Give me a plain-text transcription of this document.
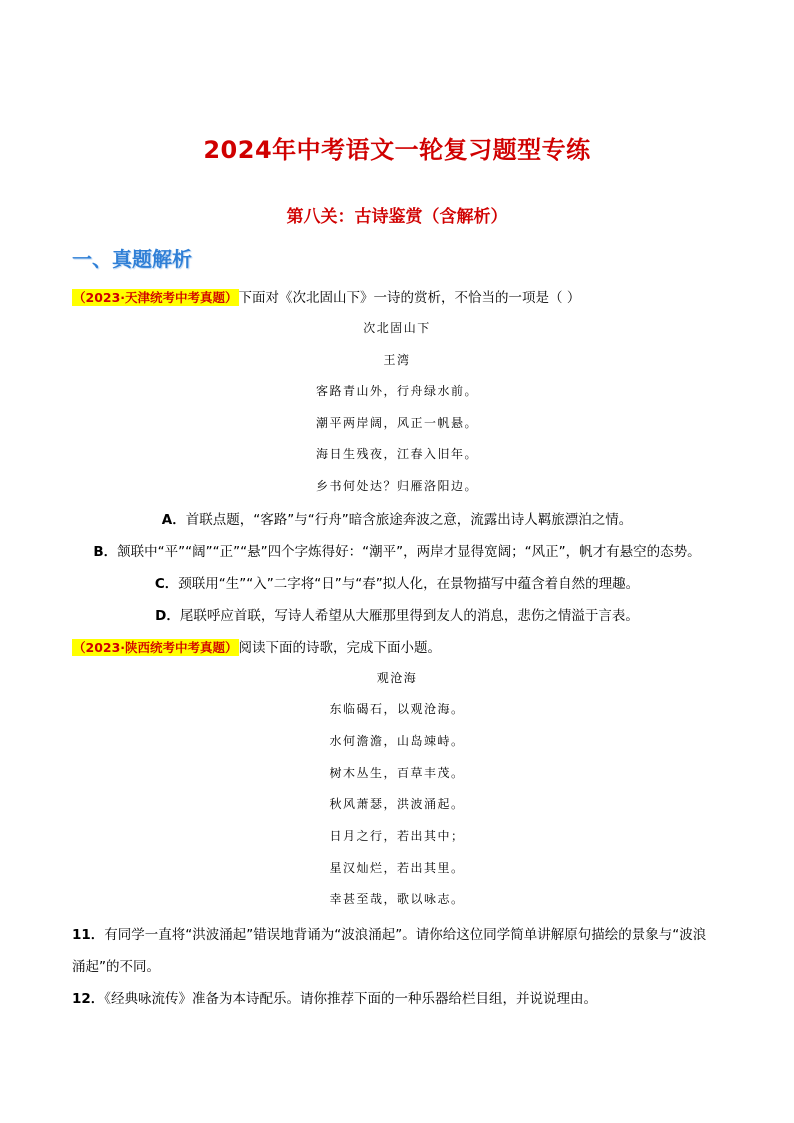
2024年中考语文一轮复习题型专练
第八关：古诗鉴赏（含解析）
一、真题解析
（2023·天津统考中考真题）下面对《次北固山下》一诗的赏析，不恰当的一项是（ ）
次北固山下
王湾
客路青山外，行舟绿水前。
潮平两岸阔，风正一帆悬。
海日生残夜，江春入旧年。
乡书何处达？归雁洛阳边。
A．首联点题，“客路”与“行舟”暗含旅途奔波之意，流露出诗人羁旅漂泊之情。
B．颔联中“平”“阔”“正”“悬”四个字炼得好：“潮平”，两岸才显得宽阔；“风正”，帆才有悬空的态势。
C．颈联用“生”“入”二字将“日”与“春”拟人化，在景物描写中蕴含着自然的理趣。
D．尾联呼应首联，写诗人希望从大雁那里得到友人的消息，悲伤之情溢于言表。
（2023·陕西统考中考真题）阅读下面的诗歌，完成下面小题。
观沧海
东临碣石，以观沧海。
水何澹澹，山岛竦峙。
树木丛生，百草丰茂。
秋风萧瑟，洪波涌起。
日月之行，若出其中；
星汉灿烂，若出其里。
幸甚至哉，歌以咏志。
11．有同学一直将“洪波涌起”错误地背诵为“波浪涌起”。请你给这位同学简单讲解原句描绘的景象与“波浪
涌起”的不同。
12．《经典咏流传》准备为本诗配乐。请你推荐下面的一种乐器给栏目组，并说说理由。
